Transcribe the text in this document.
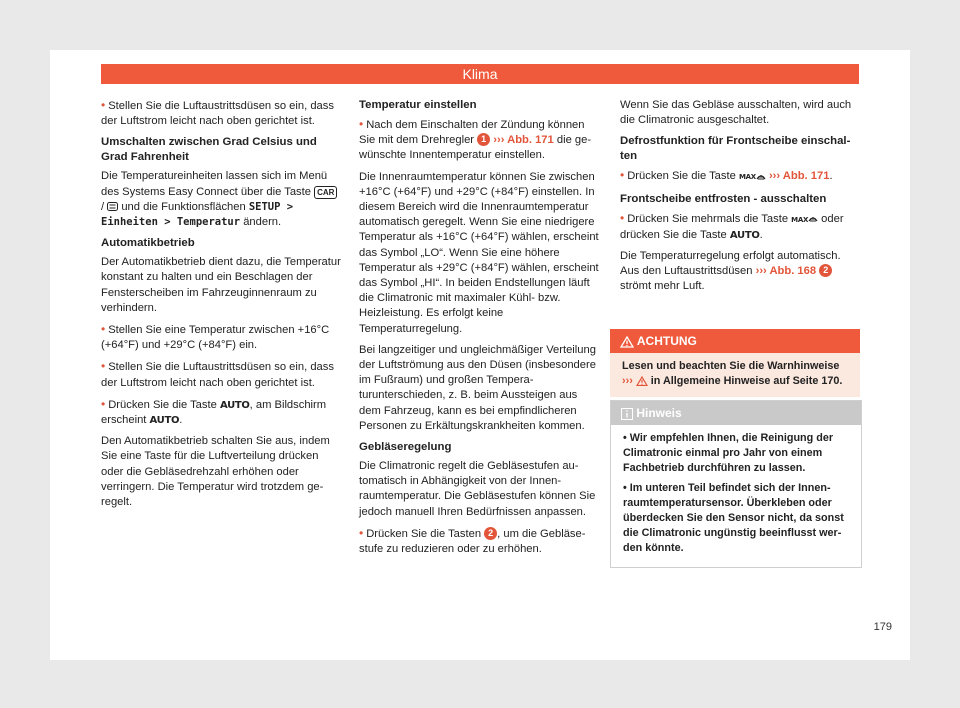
Klima

• Stellen Sie die Luftaustrittsdüsen so ein, dass der Luftstrom leicht nach oben gerichtet ist.

Umschalten zwischen Grad Celsius und Grad Fahrenheit

Die Temperatureinheiten lassen sich im Menü des Systems Easy Connect über die Taste CAR / und die Funktionsflächen SETUP > Einheiten > Temperatur ändern.

Automatikbetrieb

Der Automatikbetrieb dient dazu, die Temperatur konstant zu halten und ein Beschlagen der Fensterscheiben im Fahrzeuginnenraum zu verhindern.

• Stellen Sie eine Temperatur zwischen +16°C (+64°F) und +29°C (+84°F) ein.

• Stellen Sie die Luftaustrittsdüsen so ein, dass der Luftstrom leicht nach oben gerichtet ist.

• Drücken Sie die Taste AUTO, am Bildschirm erscheint AUTO.

Den Automatikbetrieb schalten Sie aus, indem Sie eine Taste für die Luftverteilung drücken oder die Gebläsedrehzahl erhöhen oder verringern. Die Temperatur wird trotzdem geregelt.

Temperatur einstellen

• Nach dem Einschalten der Zündung können Sie mit dem Drehregler 1 ››› Abb. 171 die gewünschte Innentemperatur einstellen.

Die Innenraumtemperatur können Sie zwischen +16°C (+64°F) und +29°C (+84°F) einstellen. In diesem Bereich wird die Innenraumtemperatur automatisch geregelt. Wenn Sie eine niedrigere Temperatur als +16°C (+64°F) wählen, erscheint das Symbol „LO“. Wenn Sie eine höhere Temperatur als +29°C (+84°F) wählen, erscheint das Symbol „HI“. In beiden Endstellungen läuft die Climatronic mit maximaler Kühl- bzw. Heizleistung. Es erfolgt keine Temperaturregelung.

Bei langzeitiger und ungleichmäßiger Verteilung der Luftströmung aus den Düsen (insbesondere im Fußraum) und großen Temperaturunterschieden, z. B. beim Aussteigen aus dem Fahrzeug, kann es bei empfindlicheren Personen zu Erkältungskrankheiten kommen.

Gebläseregelung

Die Climatronic regelt die Gebläsestufen automatisch in Abhängigkeit von der Innenraumtemperatur. Die Gebläsestufen können Sie jedoch manuell Ihren Bedürfnissen anpassen.

• Drücken Sie die Tasten 2 , um die Gebläsestufe zu reduzieren oder zu erhöhen.

Wenn Sie das Gebläse ausschalten, wird auch die Climatronic ausgeschaltet.

Defrostfunktion für Frontscheibe einschalten

• Drücken Sie die Taste MAX ››› Abb. 171.

Frontscheibe entfrosten - ausschalten

• Drücken Sie mehrmals die Taste MAX oder drücken Sie die Taste AUTO.

Die Temperaturregelung erfolgt automatisch. Aus den Luftaustrittsdüsen ››› Abb. 168 2 strömt mehr Luft.

ACHTUNG
Lesen und beachten Sie die Warnhinweise
››› in Allgemeine Hinweise auf Seite 170.
Hinweis

• Wir empfehlen Ihnen, die Reinigung der Climatronic einmal pro Jahr von einem Fachbetrieb durchführen zu lassen.

• Im unteren Teil befindet sich der Innenraumtemperatursensor. Überkleben oder überdecken Sie den Sensor nicht, da sonst die Climatronic ungünstig beeinflusst werden könnte.

179
